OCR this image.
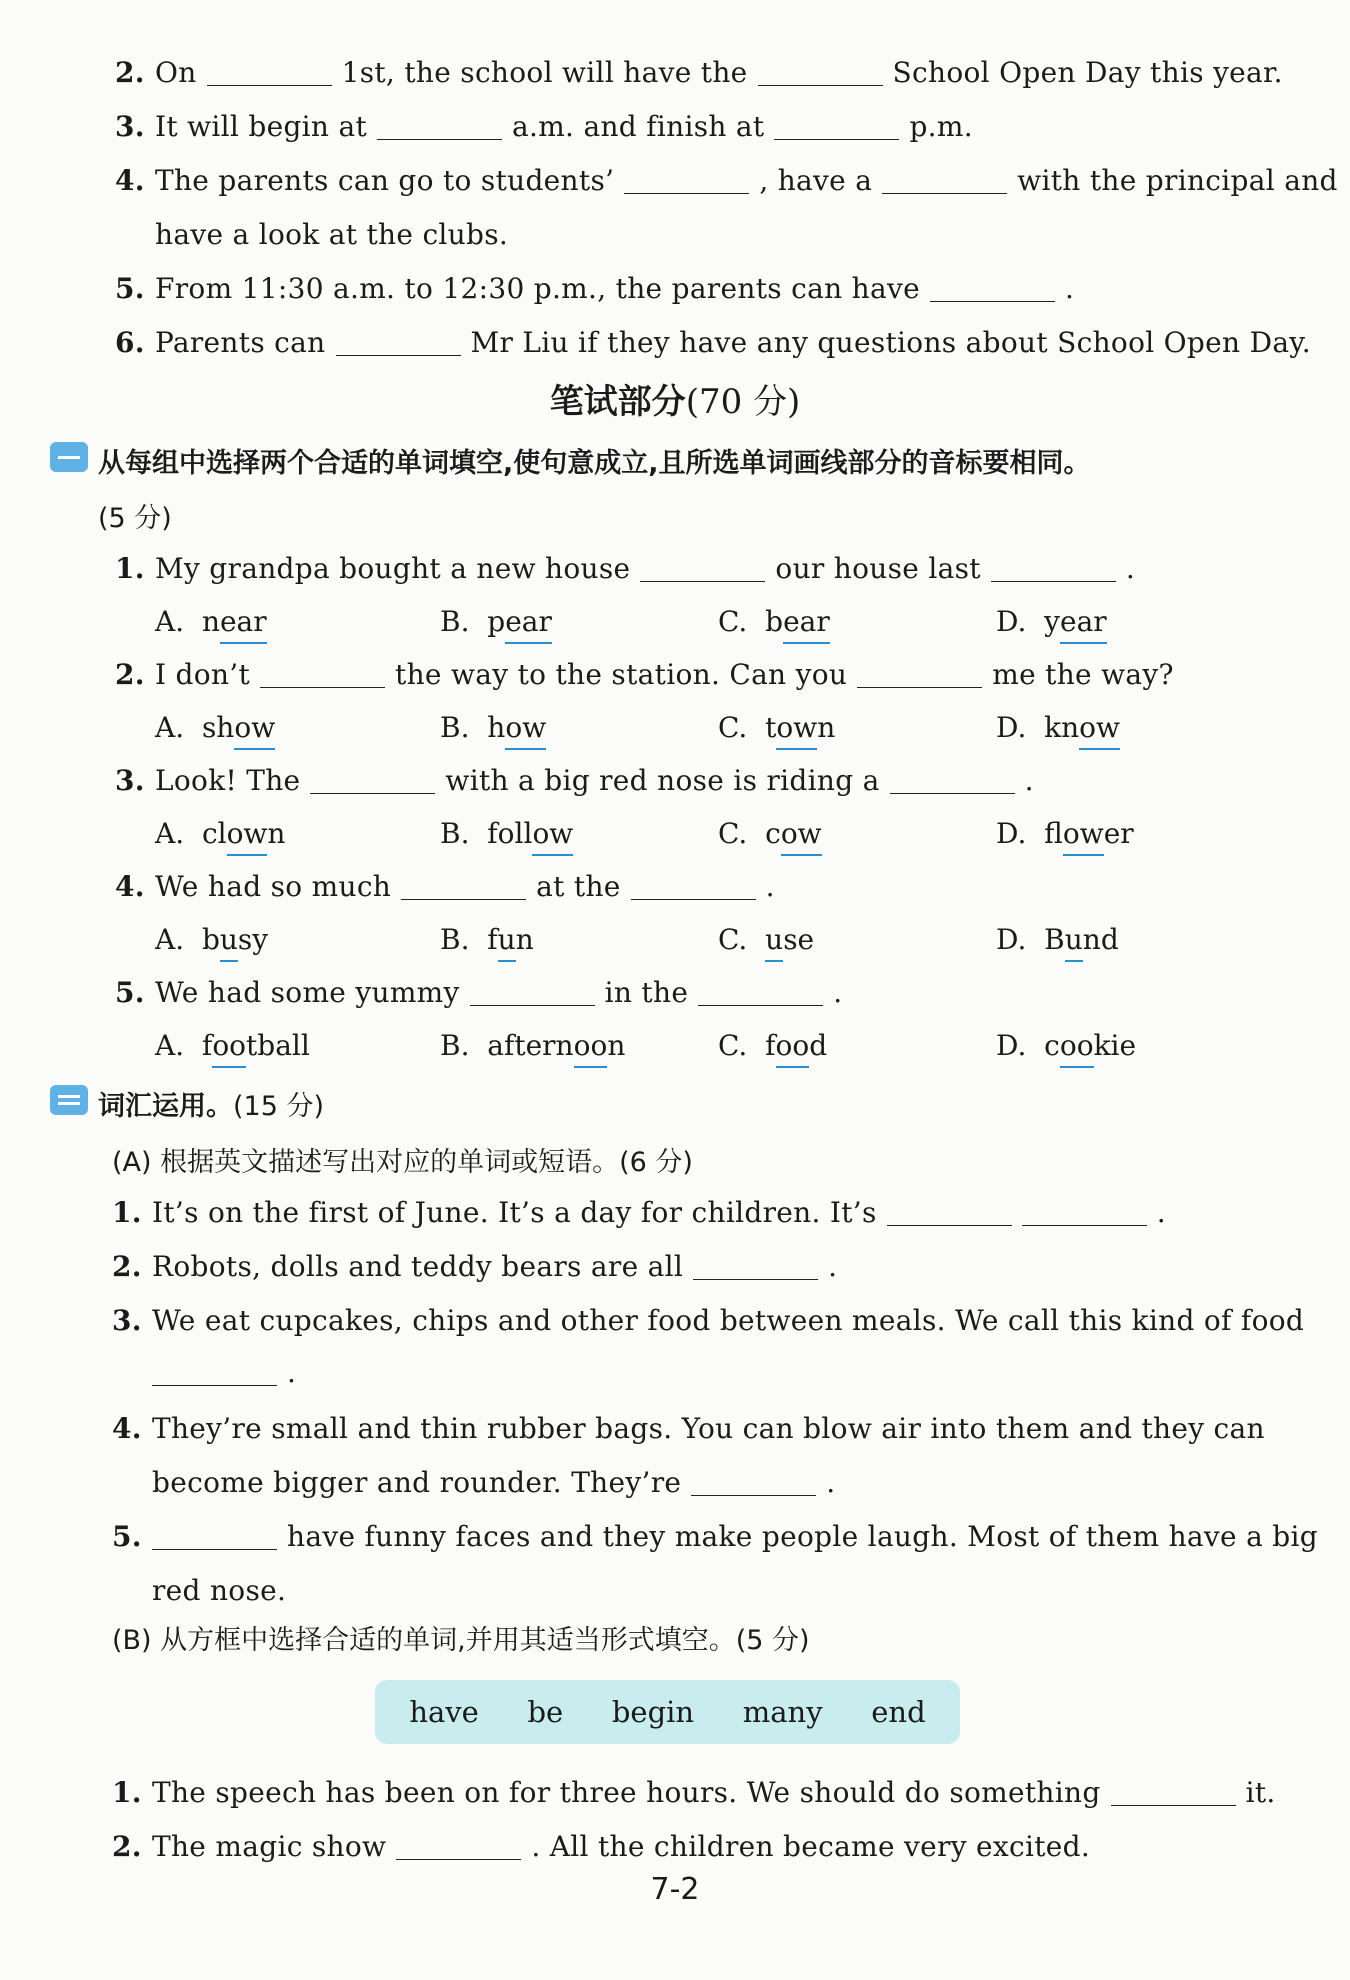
2. On	1st, the school will have the	School Open Day this year.
3. It will begin at	a.m. and finish at	p.m.
4. The parents can go to students’	, have a	with the principal and
have a look at the clubs.
5. From 11:30 a.m. to 12:30 p.m., the parents can have	.
6. Parents can	Mr Liu if they have any questions about School Open Day.
笔试部分(70 分)
从每组中选择两个合适的单词填空,使句意成立,且所选单词画线部分的音标要相同。
(5 分)
1. My grandpa bought a new house	our house last	.
A. near	B. pear	C. bear	D. year
2. I don’t	the way to the station. Can you	me the way?
A. show	B. how	C. town	D. know
3. Look! The	with a big red nose is riding a	.
A. clown	B. follow	C. cow	D. flower
4. We had so much	at the	.
A. busy	B. fun	C. use	D. Bund
5. We had some yummy	in the	.
A. football	B. afternoon	C. food	D. cookie
词汇运用。(15 分)
(A) 根据英文描述写出对应的单词或短语。(6 分)
1. It’s on the first of June. It’s a day for children. It’s	.
2. Robots, dolls and teddy bears are all	.
3. We eat cupcakes, chips and other food between meals. We call this kind of food
.
4. They’re small and thin rubber bags. You can blow air into them and they can
become bigger and rounder. They’re	.
5.	have funny faces and they make people laugh. Most of them have a big
red nose.
(B) 从方框中选择合适的单词,并用其适当形式填空。(5 分)
have be begin many end
1. The speech has been on for three hours. We should do something	it.
2. The magic show	. All the children became very excited.
7-2
